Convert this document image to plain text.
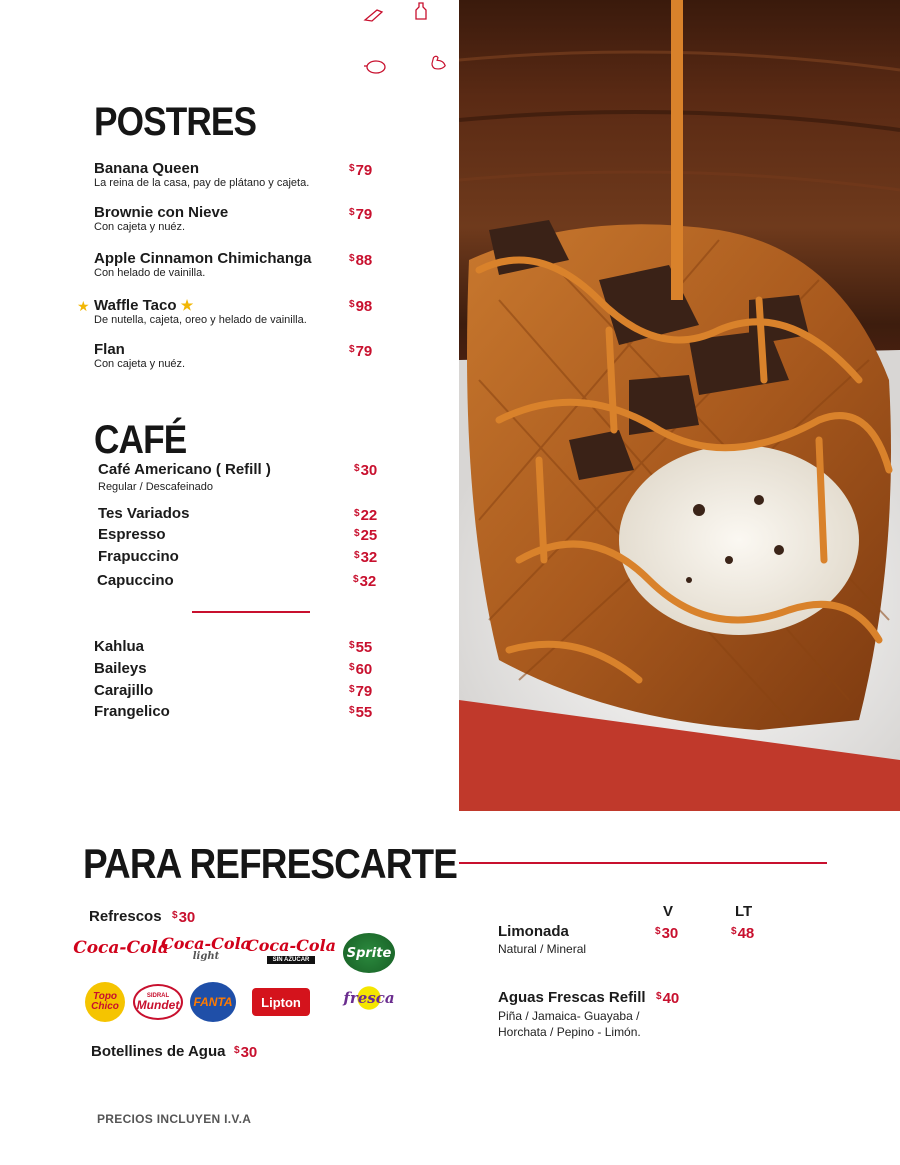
POSTRES
Banana Queen
La reina de la casa, pay de plátano y cajeta.
$79
Brownie con Nieve
Con cajeta y nuéz.
$79
Apple Cinnamon Chimichanga
Con helado de vainilla.
$88
★ Waffle Taco ★
De nutella, cajeta, oreo y helado de vainilla.
$98
Flan
Con cajeta y nuéz.
$79
CAFÉ
Café Americano ( Refill )
Regular / Descafeinado
$30
Tes Variados	$22
Espresso	$25
Frapuccino	$32
Capuccino	$32
Kahlua	$55
Baileys	$60
Carajillo	$79
Frangelico	$55
PARA REFRESCARTE
Refrescos $30
Coca-Cola
Coca-Cola
light
Coca-Cola
SIN AZÚCAR	Sprite
Topo
Chico
SIDRAL
Mundet FANTA	Lipton	fresca
Botellines de Agua $30
V	LT
Limonada
Natural / Mineral
$30	$48
Aguas Frescas Refill
Piña / Jamaica- Guayaba /
Horchata / Pepino - Limón.
$40
PRECIOS INCLUYEN I.V.A
